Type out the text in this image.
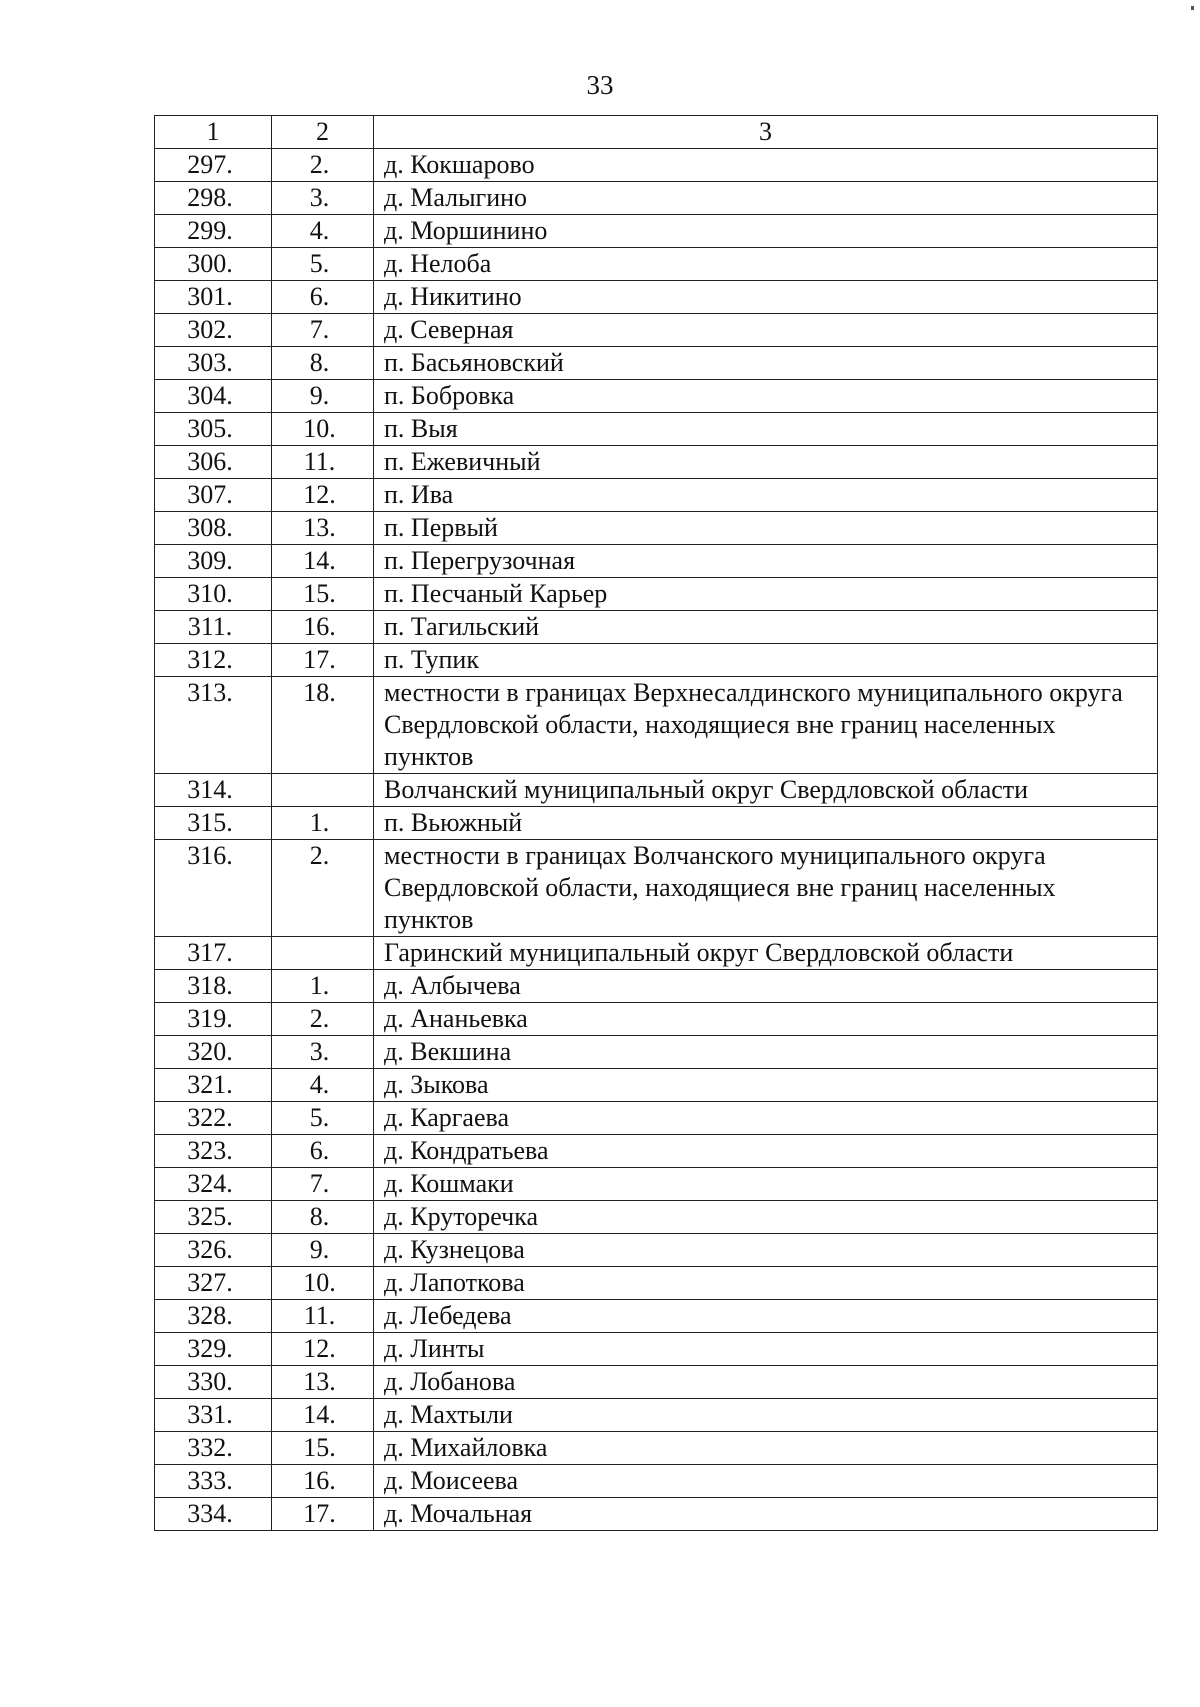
33
1	2	3
297.	2.	д. Кокшарово
298.	3.	д. Малыгино
299.	4.	д. Моршинино
300.	5.	д. Нелоба
301.	6.	д. Никитино
302.	7.	д. Северная
303.	8.	п. Басьяновский
304.	9.	п. Бобровка
305.	10.	п. Выя
306.	11.	п. Ежевичный
307.	12.	п. Ива
308.	13.	п. Первый
309.	14.	п. Перегрузочная
310.	15.	п. Песчаный Карьер
311.	16.	п. Тагильский
312.	17.	п. Тупик
313.	18.	местности в границах Верхнесалдинского муниципального округа Свердловской области, находящиеся вне границ населенных пунктов
314.		Волчанский муниципальный округ Свердловской области
315.	1.	п. Вьюжный
316.	2.	местности в границах Волчанского муниципального округа Свердловской области, находящиеся вне границ населенных пунктов
317.		Гаринский муниципальный округ Свердловской области
318.	1.	д. Албычева
319.	2.	д. Ананьевка
320.	3.	д. Векшина
321.	4.	д. Зыкова
322.	5.	д. Каргаева
323.	6.	д. Кондратьева
324.	7.	д. Кошмаки
325.	8.	д. Круторечка
326.	9.	д. Кузнецова
327.	10.	д. Лапоткова
328.	11.	д. Лебедева
329.	12.	д. Линты
330.	13.	д. Лобанова
331.	14.	д. Махтыли
332.	15.	д. Михайловка
333.	16.	д. Моисеева
334.	17.	д. Мочальная
